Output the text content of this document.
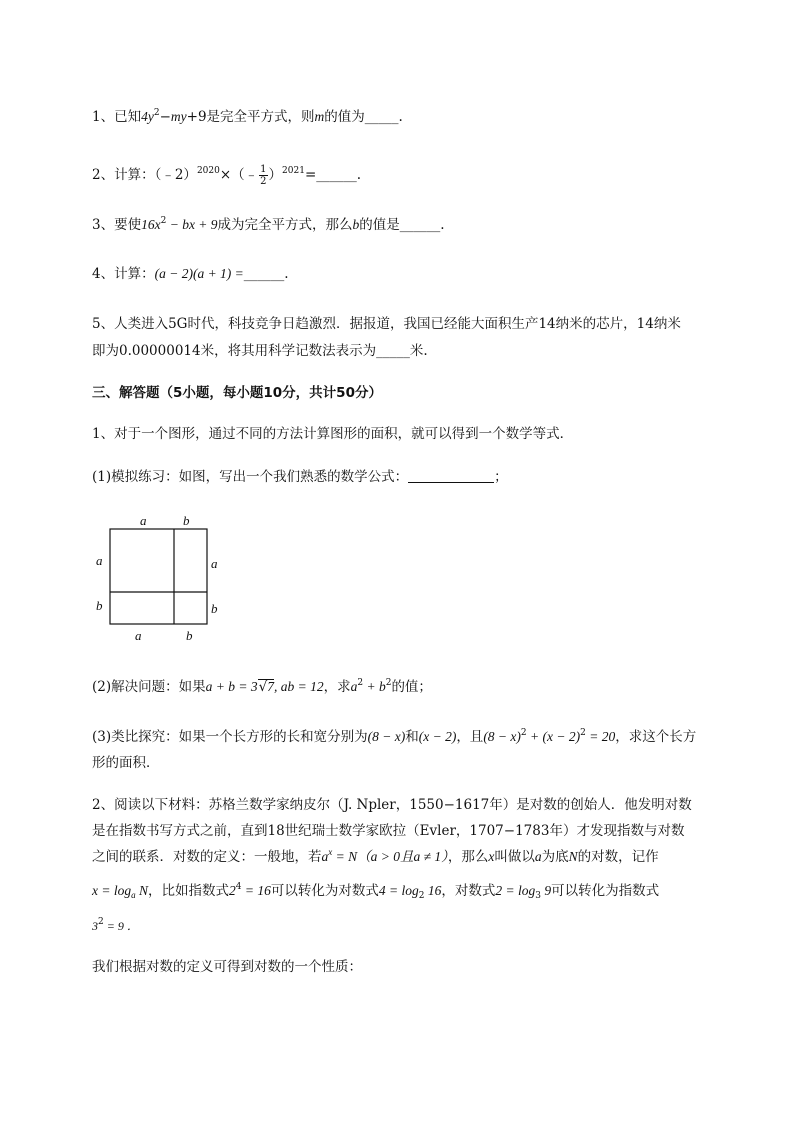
1、已知$4y^2-my+9$是完全平方式，则m的值为_____.
2、计算：（﹣2）$^{2020}$×（﹣ $\frac{1}{2}$ ）$^{2021}$=______.
3、要使$16x^2$ − bx + 9成为完全平方式，那么b的值是______.
4、计算：(a − 2)(a + 1) =______.
5、人类进入5G时代，科技竞争日趋激烈．据报道，我国已经能大面积生产14纳米的芯片，14纳米
即为0.00000014米，将其用科学记数法表示为_____米.
三、解答题（5小题，每小题10分，共计50分）
1、对于一个图形，通过不同的方法计算图形的面积，就可以得到一个数学等式．
(1)模拟练习：如图，写出一个我们熟悉的数学公式：	；
a	b
a
b
a
b
a	b
(2)解决问题：如果a + b = 3√7, ab = 12，求$a^2 + b^2$的值；
(3)类比探究：如果一个长方形的长和宽分别为(8 − x)和(x − 2)，且$(8 - x)^2 + (x - 2)^2 = 20$，求这个长方
形的面积．
2、阅读以下材料：苏格兰数学家纳皮尔（J. Npler，1550−1617年）是对数的创始人．他发明对数
是在指数书写方式之前，直到18世纪瑞士数学家欧拉（Evler，1707−1783年）才发现指数与对数
之间的联系．对数的定义：一般地，若$a^x = N(a > 0$且a ≠ 1），那么x叫做以a为底N的对数，记作
$x = \log_a N$，比如指数式$2^4 = 16$可以转化为对数式$4 = \log_2 16$，对数式$2 = \log_3 9$可以转化为指数式
$3^2 = 9$ ．
我们根据对数的定义可得到对数的一个性质：
